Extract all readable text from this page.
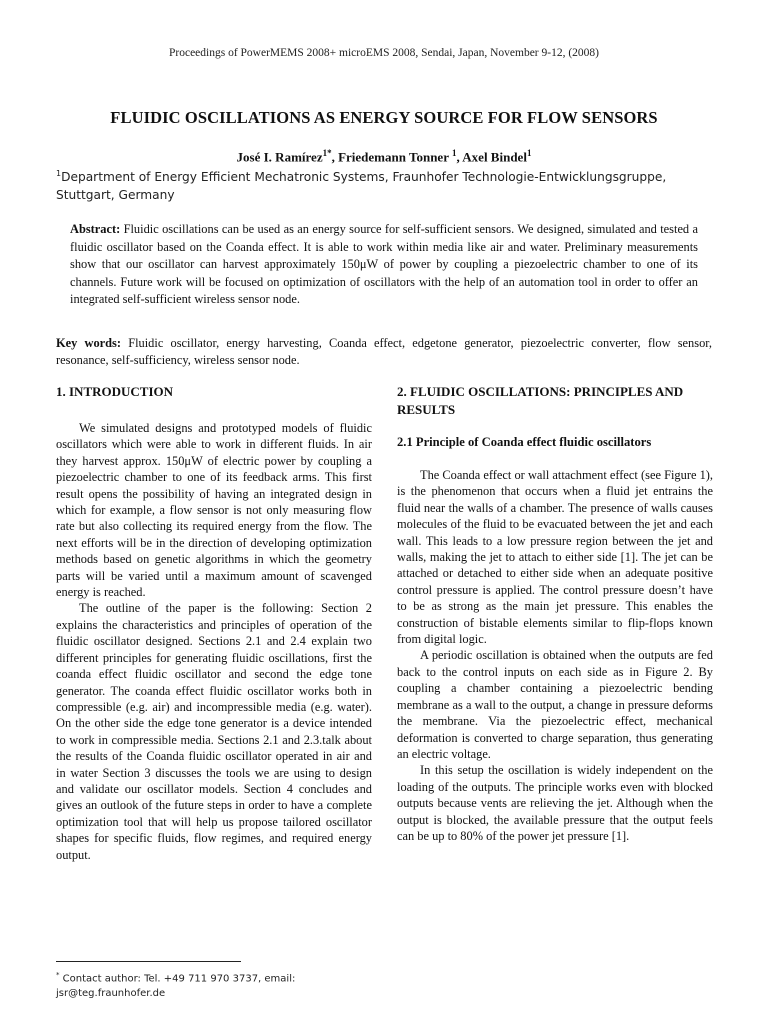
Proceedings of PowerMEMS 2008+ microEMS 2008, Sendai, Japan, November 9-12, (2008)
FLUIDIC OSCILLATIONS AS ENERGY SOURCE FOR FLOW SENSORS
José I. Ramírez$^{1*}$, Friedemann Tonner $^1$, Axel Bindel$^1$
$^1$Department of Energy Efficient Mechatronic Systems, Fraunhofer Technologie-Entwicklungsgruppe, Stuttgart, Germany

Abstract: Fluidic oscillations can be used as an energy source for self-sufficient sensors. We designed, simulated and tested a fluidic oscillator based on the Coanda effect. It is able to work within media like air and water. Preliminary measurements show that our oscillator can harvest approximately 150μW of power by coupling a piezoelectric chamber to one of its channels. Future work will be focused on optimization of oscillators with the help of an automation tool in order to offer an integrated self-sufficient wireless sensor node.

Key words: Fluidic oscillator, energy harvesting, Coanda effect, edgetone generator, piezoelectric converter, flow sensor, resonance, self-sufficiency, wireless sensor node.

1. INTRODUCTION

We simulated designs and prototyped models of fluidic oscillators which were able to work in different fluids. In air they harvest approx. 150μW of electric power by coupling a piezoelectric chamber to one of its feedback arms. This first result opens the possibility of having an integrated design in which for example, a flow sensor is not only measuring flow rate but also collecting its required energy from the flow. The next efforts will be in the direction of developing optimization methods based on genetic algorithms in which the geometry parts will be varied until a maximum amount of scavenged energy is reached.

The outline of the paper is the following: Section 2 explains the characteristics and principles of operation of the fluidic oscillator designed. Sections 2.1 and 2.4 explain two different principles for generating fluidic oscillations, first the coanda effect fluidic oscillator and second the edge tone generator. The coanda effect fluidic oscillator works both in compressible (e.g. air) and incompressible media (e.g. water). On the other side the edge tone generator is a device intended to work in compressible media. Sections 2.1 and 2.3.talk about the results of the Coanda fluidic oscillator operated in air and in water Section 3 discusses the tools we are using to design and validate our oscillator models. Section 4 concludes and gives an outlook of the future steps in order to have a complete optimization tool that will help us propose tailored oscillator shapes for specific fluids, flow regimes, and required energy output.

2. FLUIDIC OSCILLATIONS: PRINCIPLES AND RESULTS
2.1 Principle of Coanda effect fluidic oscillators

The Coanda effect or wall attachment effect (see Figure 1), is the phenomenon that occurs when a fluid jet entrains the fluid near the walls of a chamber. The presence of walls causes molecules of the fluid to be evacuated between the jet and each wall. This leads to a low pressure region between the jet and walls, making the jet to attach to either side [1]. The jet can be attached or detached to either side when an adequate positive control pressure is applied. The control pressure doesn’t have to be as strong as the main jet pressure. This enables the construction of bistable elements similar to flip-flops known from digital logic.

A periodic oscillation is obtained when the outputs are fed back to the control inputs on each side as in Figure 2. By coupling a chamber containing a piezoelectric bending membrane as a wall to the output, a change in pressure deforms the membrane. Via the piezoelectric effect, mechanical deformation is converted to charge separation, thus generating an electric voltage.

In this setup the oscillation is widely independent on the loading of the outputs. The principle works even with blocked outputs because vents are relieving the jet. Although when the output is blocked, the available pressure that the output feels can be up to 80% of the power jet pressure [1].

* Contact author: Tel. +49 711 970 3737, email: jsr@teg.fraunhofer.de
